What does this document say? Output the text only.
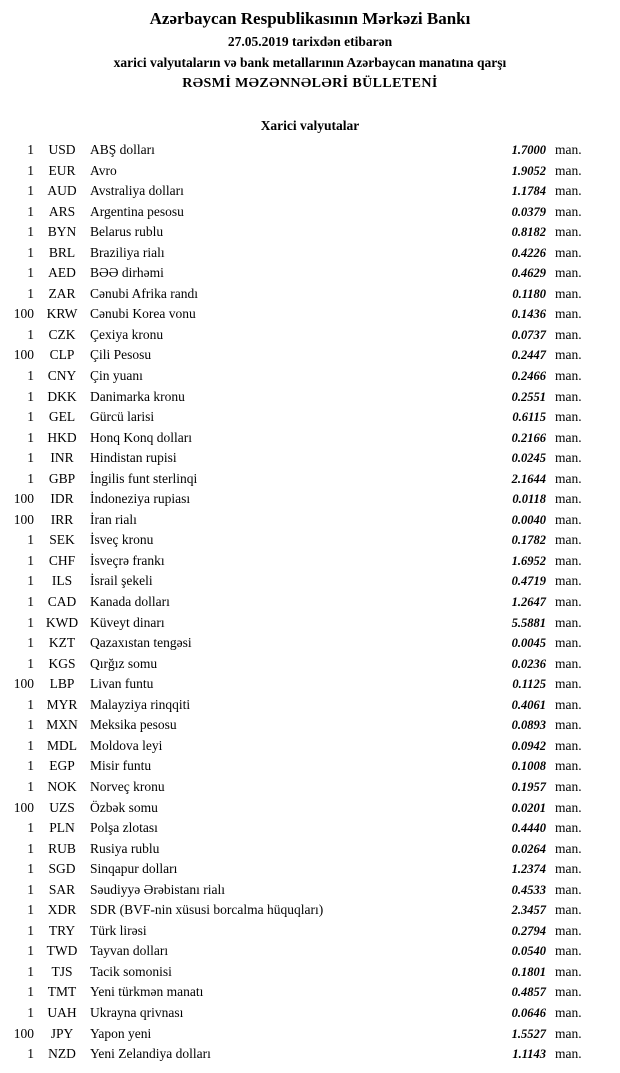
Azərbaycan Respublikasının Mərkəzi Bankı
27.05.2019 tarixdən etibarən
xarici valyutaların və bank metallarının Azərbaycan manatına qarşı
RƏSMİ MƏZƏNNƏLƏRİ BÜLLETENİ
Xarici valyutalar
1	USD	ABŞ dolları	1.7000 man.
1	EUR	Avro	1.9052 man.
1 AUD Avstraliya dolları	1.1784 man.
1	ARS	Argentina pesosu	0.0379 man.
1	BYN	Belarus rublu	0.8182 man.
1	BRL	Braziliya rialı	0.4226 man.
1	AED	BƏƏ dirhəmi	0.4629 man.
1	ZAR	Cənubi Afrika randı	0.1180 man.
100 KRW Cənubi Korea vonu	0.1436 man.
1	CZK	Çexiya kronu	0.0737 man.
100	CLP	Çili Pesosu	0.2447 man.
1	CNY	Çin yuanı	0.2466 man.
1 DKK Danimarka kronu	0.2551 man.
1	GEL	Gürcü larisi	0.6115 man.
1 HKD Honq Konq dolları	0.2166 man.
1	INR	Hindistan rupisi	0.0245 man.
1	GBP	İngilis funt sterlinqi	2.1644 man.
100	IDR	İndoneziya rupiası	0.0118 man.
100	IRR	İran rialı	0.0040 man.
1	SEK	İsveç kronu	0.1782 man.
1	CHF	İsveçrə frankı	1.6952 man.
1	ILS	İsrail şekeli	0.4719 man.
1	CAD	Kanada dolları	1.2647 man.
1 KWD Küveyt dinarı	5.5881 man.
1	KZT	Qazaxıstan tengəsi	0.0045 man.
1	KGS	Qırğız somu	0.0236 man.
100	LBP	Livan funtu	0.1125 man.
1 MYR Malayziya rinqqiti	0.4061 man.
1 MXN Meksika pesosu	0.0893 man.
1 MDL Moldova leyi	0.0942 man.
1	EGP	Misir funtu	0.1008 man.
1 NOK Norveç kronu	0.1957 man.
100	UZS	Özbək somu	0.0201 man.
1	PLN	Polşa zlotası	0.4440 man.
1	RUB	Rusiya rublu	0.0264 man.
1	SGD	Sinqapur dolları	1.2374 man.
1	SAR	Səudiyyə Ərəbistanı rialı	0.4533 man.
1	XDR	SDR (BVF-nin xüsusi borcalma hüquqları)	2.3457 man.
1	TRY	Türk lirəsi	0.2794 man.
1 TWD Tayvan dolları	0.0540 man.
1	TJS	Tacik somonisi	0.1801 man.
1	TMT	Yeni türkmən manatı	0.4857 man.
1 UAH Ukrayna qrivnası	0.0646 man.
100	JPY	Yapon yeni	1.5527 man.
1	NZD	Yeni Zelandiya dolları	1.1143 man.
